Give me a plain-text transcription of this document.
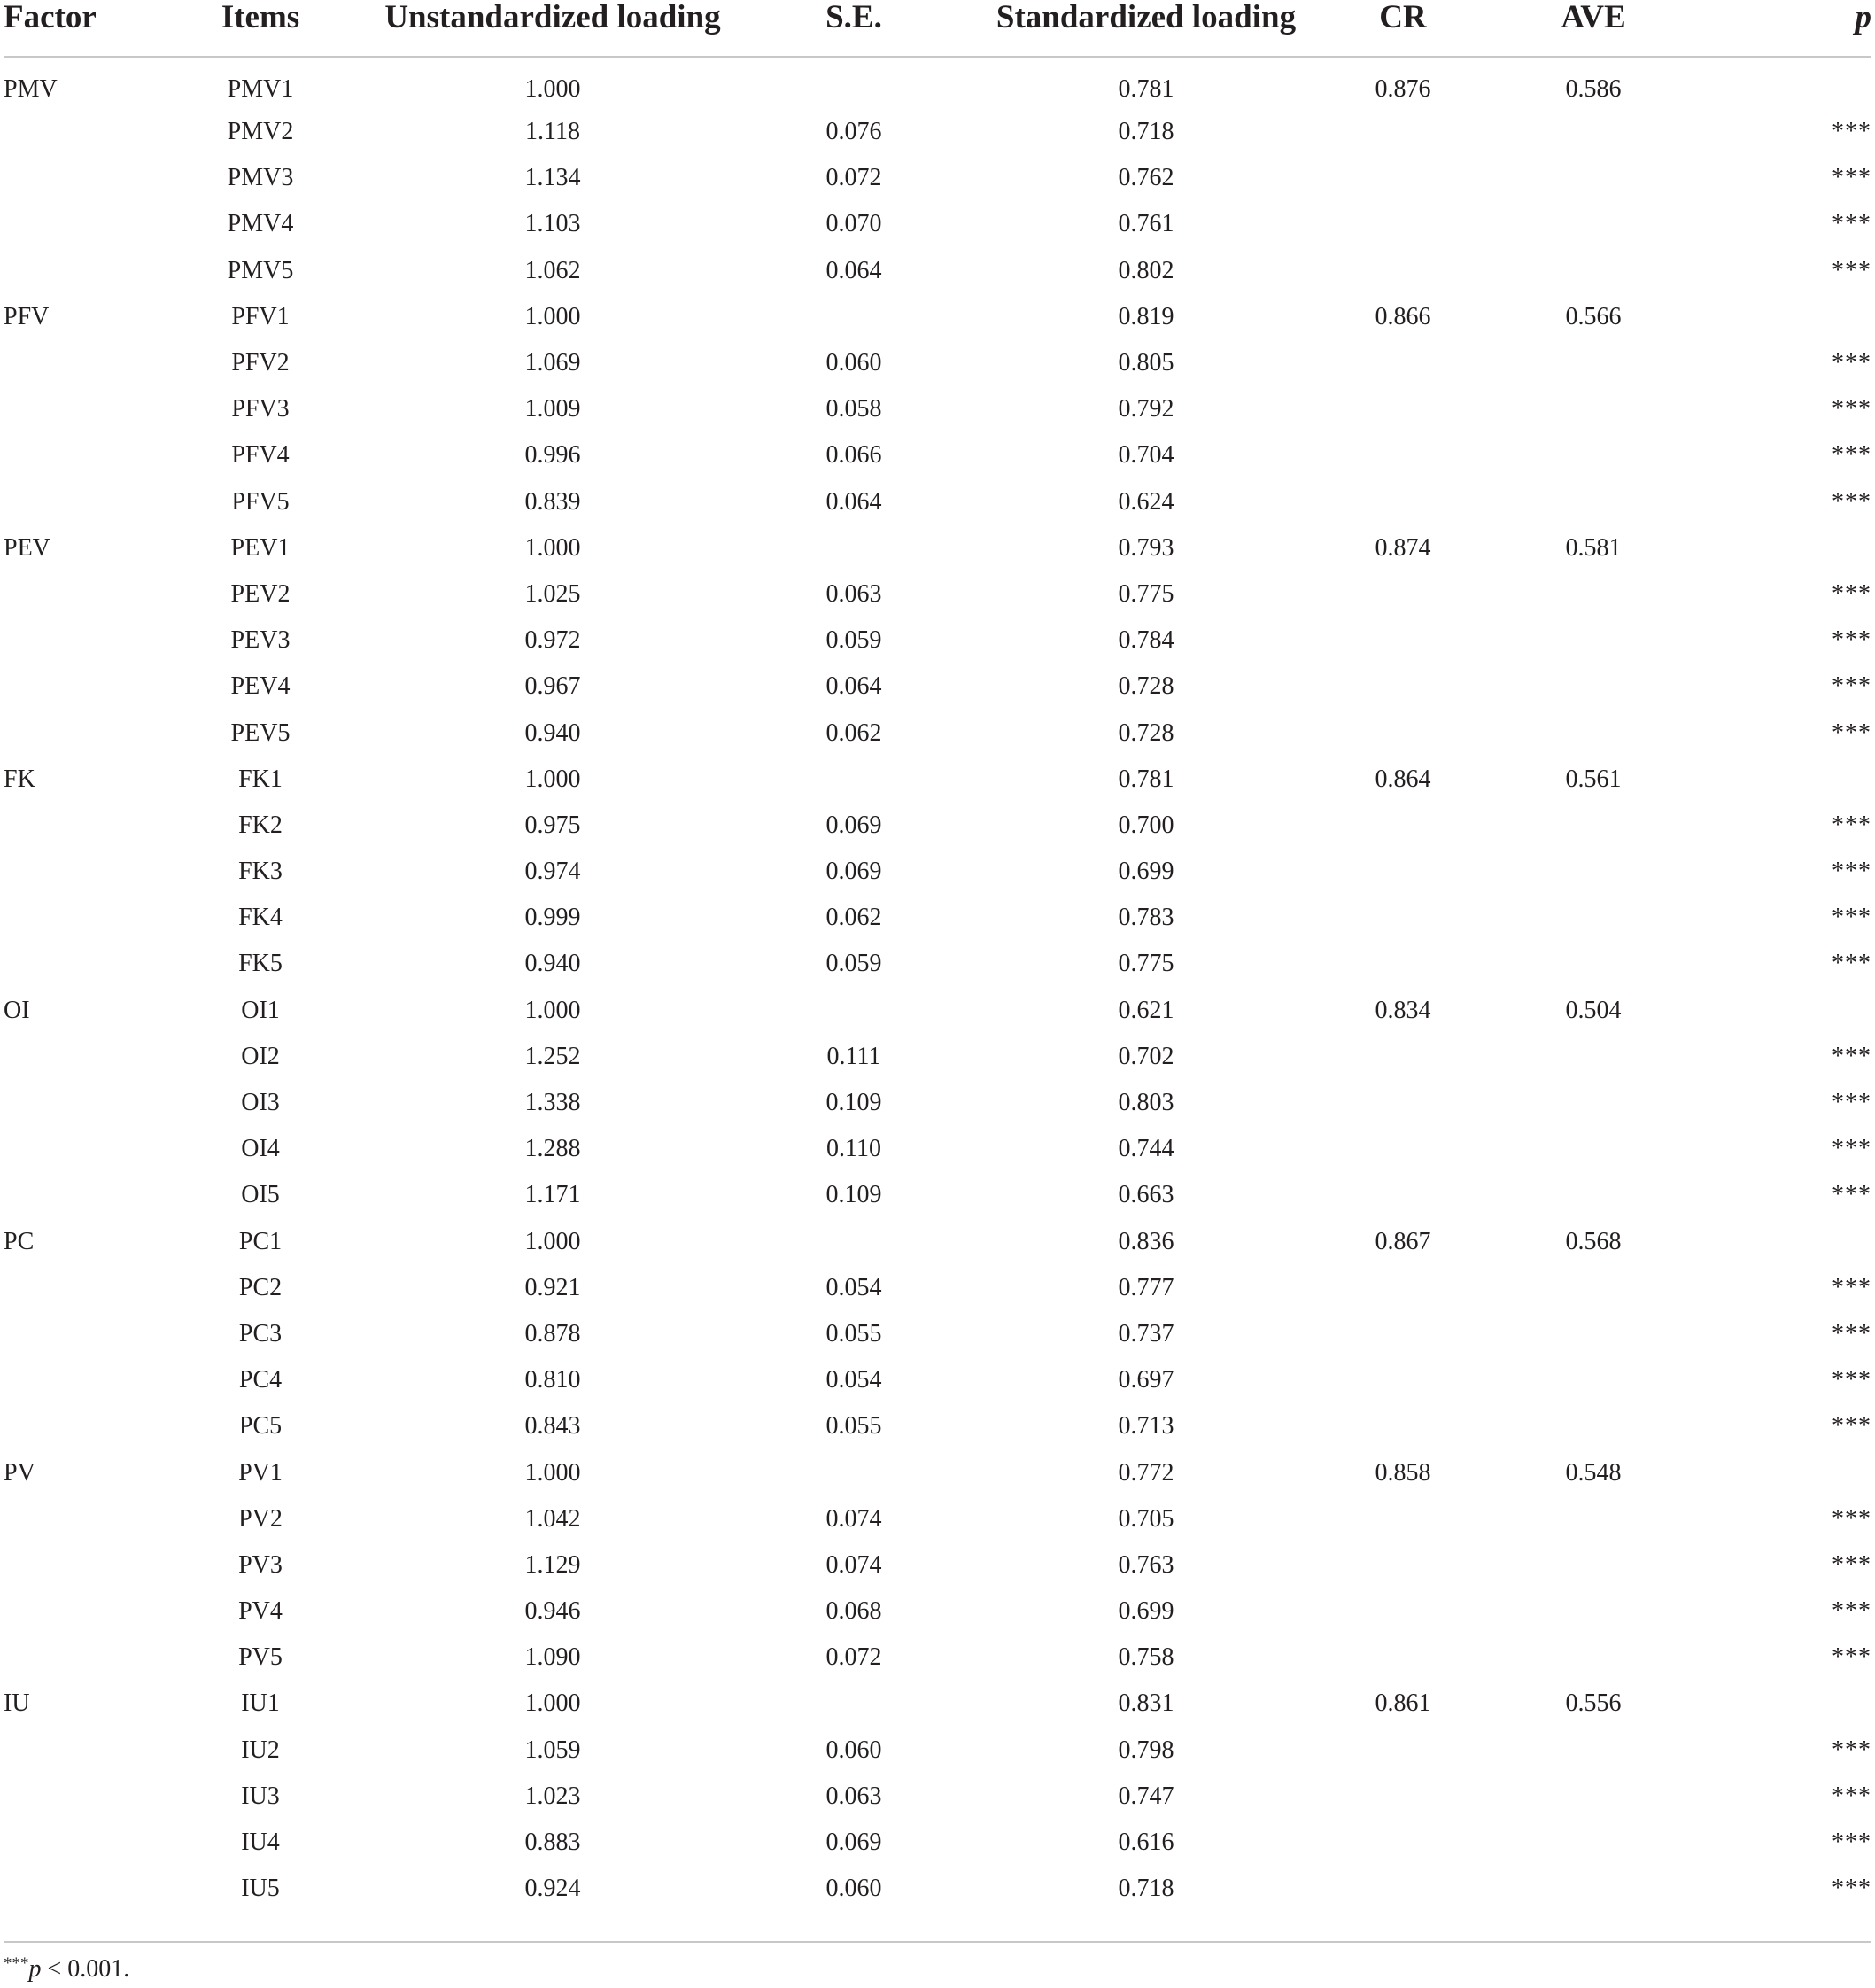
Factor	Items	Unstandardized loading	S.E.	Standardized loading	CR	AVE	p
PMV	PMV1	1.000		0.781	0.876	0.586	
	PMV2	1.118	0.076	0.718			***
	PMV3	1.134	0.072	0.762			***
	PMV4	1.103	0.070	0.761			***
	PMV5	1.062	0.064	0.802			***
PFV	PFV1	1.000		0.819	0.866	0.566	
	PFV2	1.069	0.060	0.805			***
	PFV3	1.009	0.058	0.792			***
	PFV4	0.996	0.066	0.704			***
	PFV5	0.839	0.064	0.624			***
PEV	PEV1	1.000		0.793	0.874	0.581	
	PEV2	1.025	0.063	0.775			***
	PEV3	0.972	0.059	0.784			***
	PEV4	0.967	0.064	0.728			***
	PEV5	0.940	0.062	0.728			***
FK	FK1	1.000		0.781	0.864	0.561	
	FK2	0.975	0.069	0.700			***
	FK3	0.974	0.069	0.699			***
	FK4	0.999	0.062	0.783			***
	FK5	0.940	0.059	0.775			***
OI	OI1	1.000		0.621	0.834	0.504	
	OI2	1.252	0.111	0.702			***
	OI3	1.338	0.109	0.803			***
	OI4	1.288	0.110	0.744			***
	OI5	1.171	0.109	0.663			***
PC	PC1	1.000		0.836	0.867	0.568	
	PC2	0.921	0.054	0.777			***
	PC3	0.878	0.055	0.737			***
	PC4	0.810	0.054	0.697			***
	PC5	0.843	0.055	0.713			***
PV	PV1	1.000		0.772	0.858	0.548	
	PV2	1.042	0.074	0.705			***
	PV3	1.129	0.074	0.763			***
	PV4	0.946	0.068	0.699			***
	PV5	1.090	0.072	0.758			***
IU	IU1	1.000		0.831	0.861	0.556	
	IU2	1.059	0.060	0.798			***
	IU3	1.023	0.063	0.747			***
	IU4	0.883	0.069	0.616			***
	IU5	0.924	0.060	0.718			***
***p < 0.001.
